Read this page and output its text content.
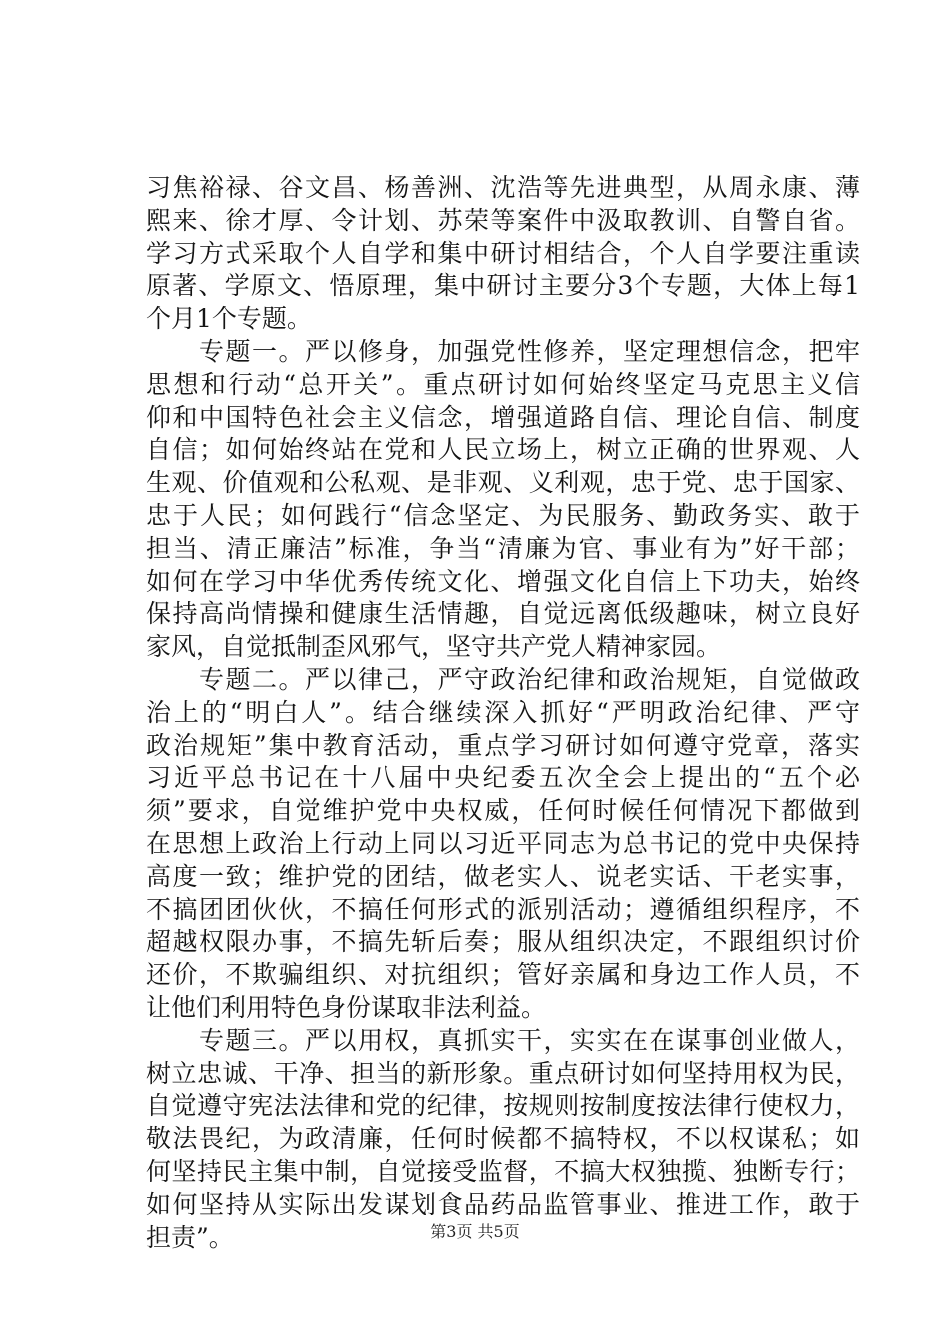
习焦裕禄、谷文昌、杨善洲、沈浩等先进典型，从周永康、薄
熙来、徐才厚、令计划、苏荣等案件中汲取教训、自警自省。
学习方式采取个人自学和集中研讨相结合，个人自学要注重读
原著、学原文、悟原理，集中研讨主要分3个专题，大体上每1
个月1个专题。
专题一。严以修身，加强党性修养，坚定理想信念，把牢
思想和行动“总开关”。重点研讨如何始终坚定马克思主义信
仰和中国特色社会主义信念，增强道路自信、理论自信、制度
自信；如何始终站在党和人民立场上，树立正确的世界观、人
生观、价值观和公私观、是非观、义利观，忠于党、忠于国家、
忠于人民；如何践行“信念坚定、为民服务、勤政务实、敢于
担当、清正廉洁”标准，争当“清廉为官、事业有为”好干部；
如何在学习中华优秀传统文化、增强文化自信上下功夫，始终
保持高尚情操和健康生活情趣，自觉远离低级趣味，树立良好
家风，自觉抵制歪风邪气，坚守共产党人精神家园。
专题二。严以律己，严守政治纪律和政治规矩，自觉做政
治上的“明白人”。结合继续深入抓好“严明政治纪律、严守
政治规矩”集中教育活动，重点学习研讨如何遵守党章，落实
习近平总书记在十八届中央纪委五次全会上提出的“五个必
须”要求，自觉维护党中央权威，任何时候任何情况下都做到
在思想上政治上行动上同以习近平同志为总书记的党中央保持
高度一致；维护党的团结，做老实人、说老实话、干老实事，
不搞团团伙伙，不搞任何形式的派别活动；遵循组织程序，不
超越权限办事，不搞先斩后奏；服从组织决定，不跟组织讨价
还价，不欺骗组织、对抗组织；管好亲属和身边工作人员，不
让他们利用特色身份谋取非法利益。
专题三。严以用权，真抓实干，实实在在谋事创业做人，
树立忠诚、干净、担当的新形象。重点研讨如何坚持用权为民，
自觉遵守宪法法律和党的纪律，按规则按制度按法律行使权力，
敬法畏纪，为政清廉，任何时候都不搞特权，不以权谋私；如
何坚持民主集中制，自觉接受监督，不搞大权独揽、独断专行；
如何坚持从实际出发谋划食品药品监管事业、推进工作，敢于
担责”。	第3页 共5页
